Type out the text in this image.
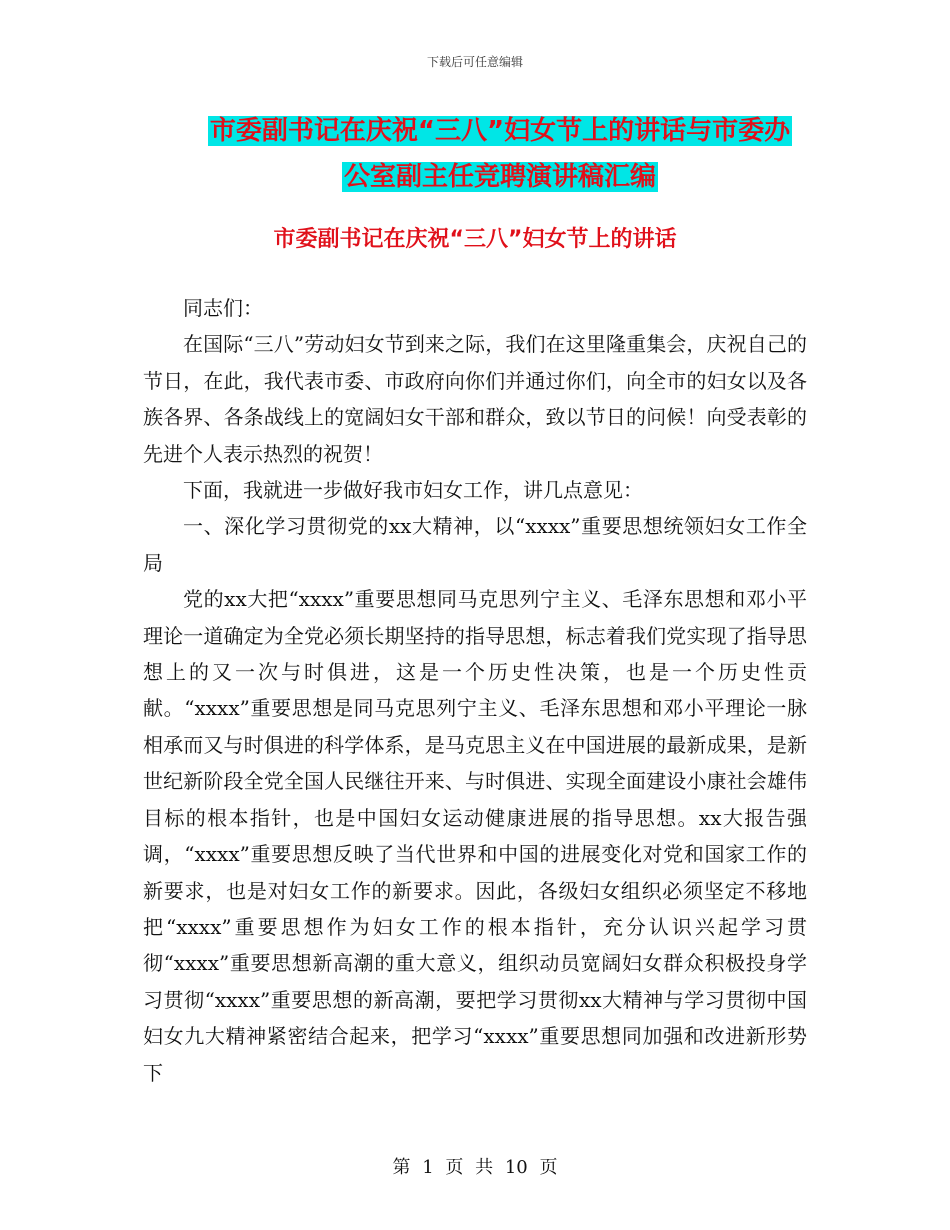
下载后可任意编辑
市委副书记在庆祝“三八”妇女节上的讲话与市委办
公室副主任竞聘演讲稿汇编
市委副书记在庆祝“三八”妇女节上的讲话

同志们：

在国际“三八”劳动妇女节到来之际，我们在这里隆重集会，庆祝自己的节日，在此，我代表市委、市政府向你们并通过你们，向全市的妇女以及各族各界、各条战线上的宽阔妇女干部和群众，致以节日的问候！向受表彰的先进个人表示热烈的祝贺！

下面，我就进一步做好我市妇女工作，讲几点意见：

一、深化学习贯彻党的xx大精神，以“xxxx”重要思想统领妇女工作全局

党的xx大把“xxxx”重要思想同马克思列宁主义、毛泽东思想和邓小平理论一道确定为全党必须长期坚持的指导思想，标志着我们党实现了指导思想上的又一次与时俱进，这是一个历史性决策，也是一个历史性贡献。“xxxx”重要思想是同马克思列宁主义、毛泽东思想和邓小平理论一脉相承而又与时俱进的科学体系，是马克思主义在中国进展的最新成果，是新世纪新阶段全党全国人民继往开来、与时俱进、实现全面建设小康社会雄伟目标的根本指针，也是中国妇女运动健康进展的指导思想。xx大报告强调，“xxxx”重要思想反映了当代世界和中国的进展变化对党和国家工作的新要求，也是对妇女工作的新要求。因此，各级妇女组织必须坚定不移地把“xxxx”重要思想作为妇女工作的根本指针，充分认识兴起学习贯彻“xxxx”重要思想新高潮的重大意义，组织动员宽阔妇女群众积极投身学习贯彻“xxxx”重要思想的新高潮，要把学习贯彻xx大精神与学习贯彻中国妇女九大精神紧密结合起来，把学习“xxxx”重要思想同加强和改进新形势下

第 1 页 共 10 页
